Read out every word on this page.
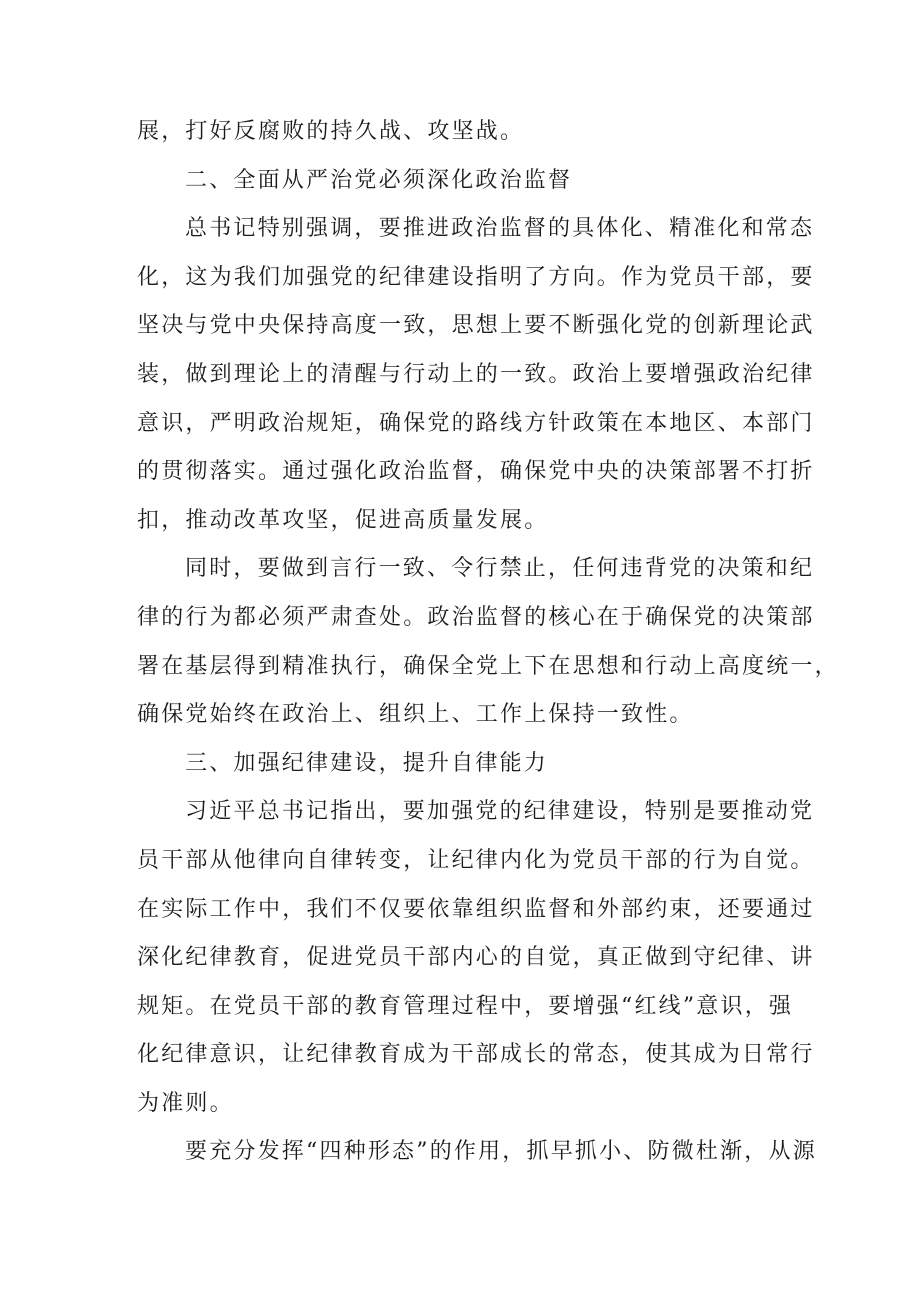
展，打好反腐败的持久战、攻坚战。
二、全面从严治党必须深化政治监督
总书记特别强调，要推进政治监督的具体化、精准化和常态
化，这为我们加强党的纪律建设指明了方向。作为党员干部，要
坚决与党中央保持高度一致，思想上要不断强化党的创新理论武
装，做到理论上的清醒与行动上的一致。政治上要增强政治纪律
意识，严明政治规矩，确保党的路线方针政策在本地区、本部门
的贯彻落实。通过强化政治监督，确保党中央的决策部署不打折
扣，推动改革攻坚，促进高质量发展。
同时，要做到言行一致、令行禁止，任何违背党的决策和纪
律的行为都必须严肃查处。政治监督的核心在于确保党的决策部
署在基层得到精准执行，确保全党上下在思想和行动上高度统一，
确保党始终在政治上、组织上、工作上保持一致性。
三、加强纪律建设，提升自律能力
习近平总书记指出，要加强党的纪律建设，特别是要推动党
员干部从他律向自律转变，让纪律内化为党员干部的行为自觉。
在实际工作中，我们不仅要依靠组织监督和外部约束，还要通过
深化纪律教育，促进党员干部内心的自觉，真正做到守纪律、讲
规矩。在党员干部的教育管理过程中，要增强“红线”意识，强
化纪律意识，让纪律教育成为干部成长的常态，使其成为日常行
为准则。
要充分发挥“四种形态”的作用，抓早抓小、防微杜渐，从源
